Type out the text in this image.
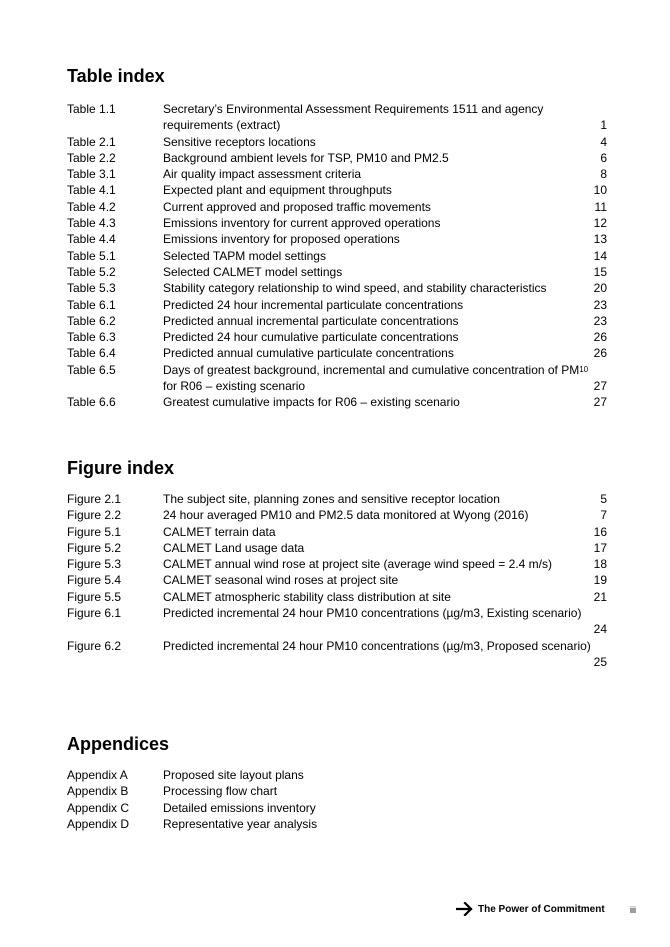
Table index
Table 1.1	Secretary’s Environmental Assessment Requirements 1511 and agency
requirements (extract)	1
Table 2.1	Sensitive receptors locations	4
Table 2.2	Background ambient levels for TSP, PM10 and PM2.5	6
Table 3.1	Air quality impact assessment criteria	8
Table 4.1	Expected plant and equipment throughputs	10
Table 4.2	Current approved and proposed traffic movements	11
Table 4.3	Emissions inventory for current approved operations	12
Table 4.4	Emissions inventory for proposed operations	13
Table 5.1	Selected TAPM model settings	14
Table 5.2	Selected CALMET model settings	15
Table 5.3	Stability category relationship to wind speed, and stability characteristics	20
Table 6.1	Predicted 24 hour incremental particulate concentrations	23
Table 6.2	Predicted annual incremental particulate concentrations	23
Table 6.3	Predicted 24 hour cumulative particulate concentrations	26
Table 6.4	Predicted annual cumulative particulate concentrations	26
Table 6.5	Days of greatest background, incremental and cumulative concentration of PM 10
for R06 – existing scenario	27
Table 6.6	Greatest cumulative impacts for R06 – existing scenario	27
Figure index
Figure 2.1	The subject site, planning zones and sensitive receptor location	5
Figure 2.2	24 hour averaged PM10 and PM2.5 data monitored at Wyong (2016)	7
Figure 5.1	CALMET terrain data	16
Figure 5.2	CALMET Land usage data	17
Figure 5.3	CALMET annual wind rose at project site (average wind speed = 2.4 m/s)	18
Figure 5.4	CALMET seasonal wind roses at project site	19
Figure 5.5	CALMET atmospheric stability class distribution at site	21
Figure 6.1	Predicted incremental 24 hour PM10 concentrations (µg/m3, Existing scenario)
24
Figure 6.2	Predicted incremental 24 hour PM10 concentrations (µg/m3, Proposed scenario)
25
Appendices
Appendix A	Proposed site layout plans
Appendix B	Processing flow chart
Appendix C	Detailed emissions inventory
Appendix D	Representative year analysis
The Power of Commitment	iii
